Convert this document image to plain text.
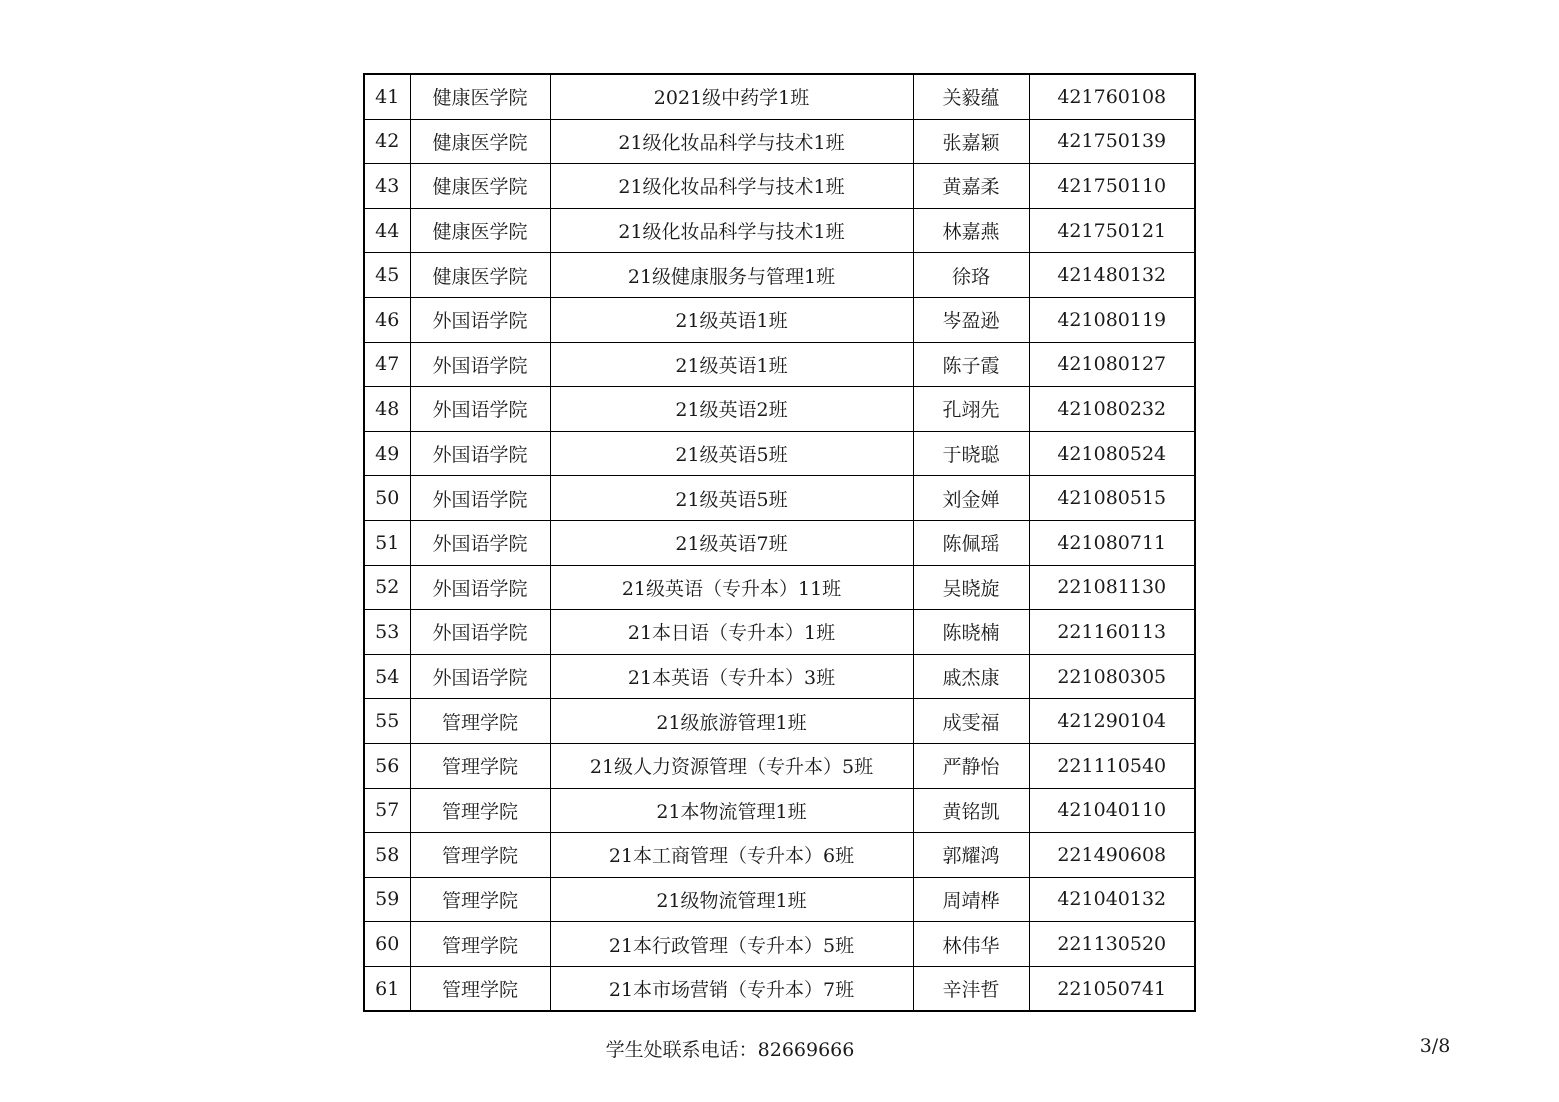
41	健康医学院	2021级中药学1班	关毅蕴	421760108
42	健康医学院	21级化妆品科学与技术1班	张嘉颖	421750139
43	健康医学院	21级化妆品科学与技术1班	黄嘉柔	421750110
44	健康医学院	21级化妆品科学与技术1班	林嘉燕	421750121
45	健康医学院	21级健康服务与管理1班	徐珞	421480132
46	外国语学院	21级英语1班	岑盈逊	421080119
47	外国语学院	21级英语1班	陈子霞	421080127
48	外国语学院	21级英语2班	孔翊先	421080232
49	外国语学院	21级英语5班	于晓聪	421080524
50	外国语学院	21级英语5班	刘金婵	421080515
51	外国语学院	21级英语7班	陈佩瑶	421080711
52	外国语学院	21级英语（专升本）11班	吴晓旋	221081130
53	外国语学院	21本日语（专升本）1班	陈晓楠	221160113
54	外国语学院	21本英语（专升本）3班	戚杰康	221080305
55	管理学院	21级旅游管理1班	成雯福	421290104
56	管理学院	21级人力资源管理（专升本）5班	严静怡	221110540
57	管理学院	21本物流管理1班	黄铭凯	421040110
58	管理学院	21本工商管理（专升本）6班	郭耀鸿	221490608
59	管理学院	21级物流管理1班	周靖桦	421040132
60	管理学院	21本行政管理（专升本）5班	林伟华	221130520
61	管理学院	21本市场营销（专升本）7班	辛沣哲	221050741
学生处联系电话：82669666	3/8
